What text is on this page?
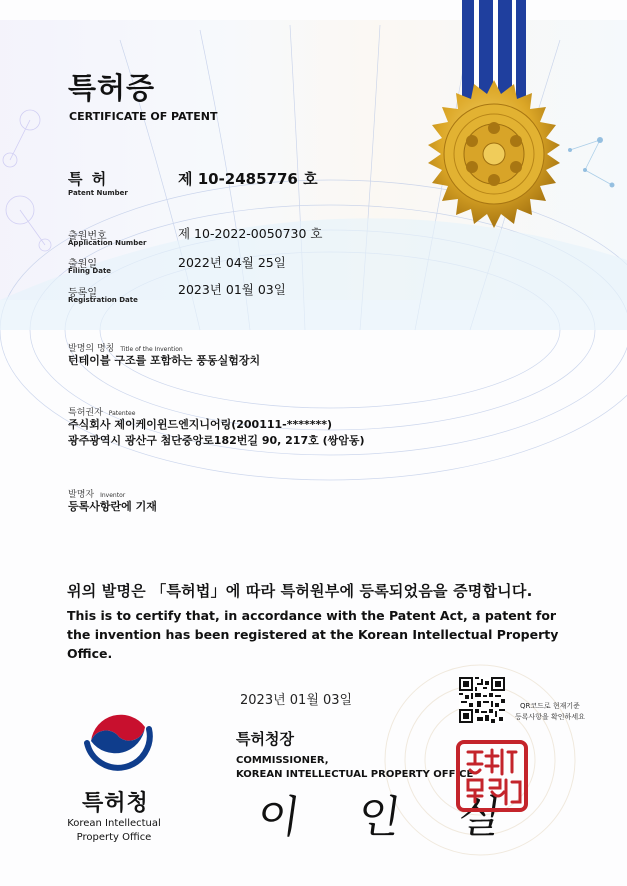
특허증
CERTIFICATE OF PATENT
특 허
Patent Number
제 10-2485776 호
출원번호
Application Number
제 10-2022-0050730 호
출원일
Filing Date
2022년 04월 25일
등록일
Registration Date
2023년 01월 03일
발명의 명칭 Title of the Invention
턴테이블 구조를 포함하는 풍동실험장치
특허권자 Patentee
주식회사 제이케이윈드엔지니어링(200111-*******)
광주광역시 광산구 첨단중앙로182번길 90, 217호 (쌍암동)
발명자 Inventor
등록사항란에 기재
위의 발명은 「특허법」에 따라 특허원부에 등록되었음을 증명합니다.
This is to certify that, in accordance with the Patent Act, a patent for the invention has been registered at the Korean Intellectual Property Office.
2023년 01월 03일	QR코드로 현재기준
등록사항을 확인하세요
특허청장
COMMISSIONER,
KOREAN INTELLECTUAL PROPERTY OFFICE
이 인 실
특허청
Korean Intellectual
Property Office
